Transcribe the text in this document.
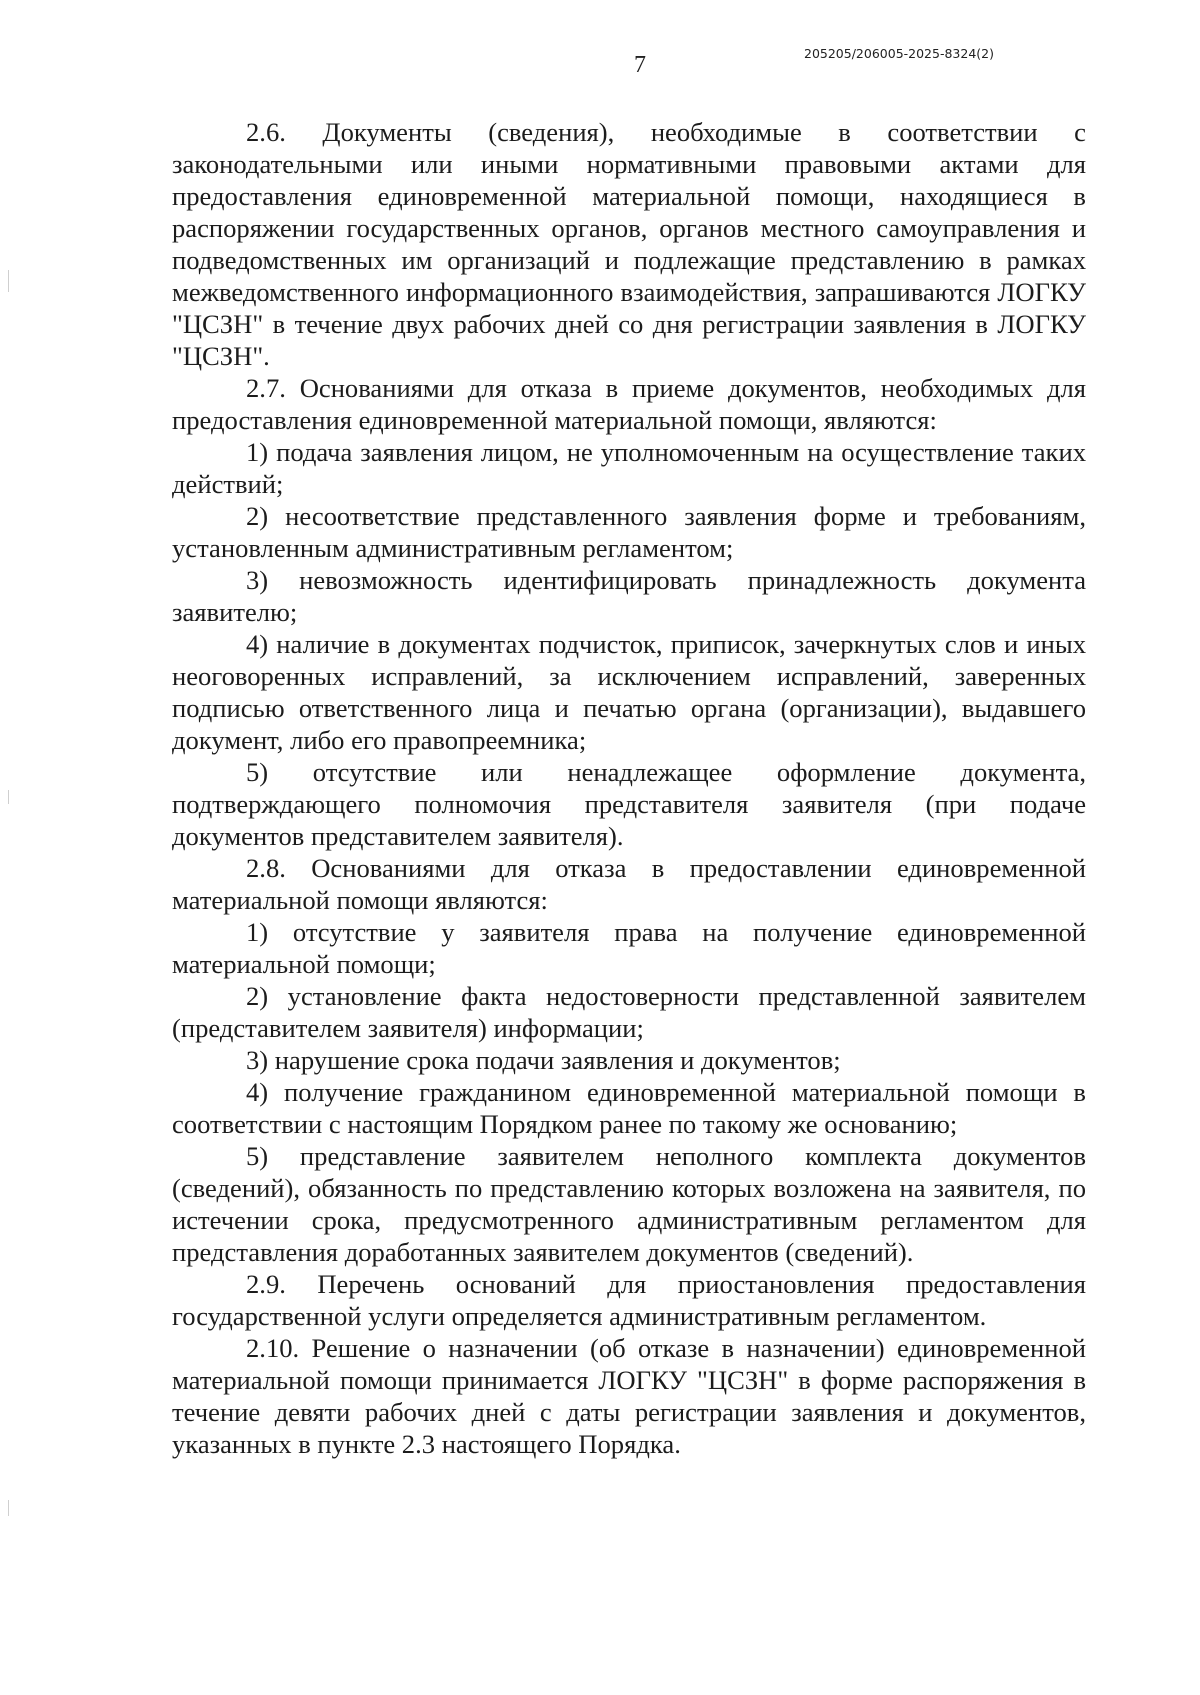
205205/206005-2025-8324(2)
7

2.6. Документы (сведения), необходимые в соответствии с законодательными или иными нормативными правовыми актами для предоставления единовременной материальной помощи, находящиеся в распоряжении государственных органов, органов местного самоуправления и подведомственных им организаций и подлежащие представлению в рамках межведомственного информационного взаимодействия, запрашиваются ЛОГКУ "ЦСЗН" в течение двух рабочих дней со дня регистрации заявления в ЛОГКУ "ЦСЗН".

2.7. Основаниями для отказа в приеме документов, необходимых для предоставления единовременной материальной помощи, являются:

1) подача заявления лицом, не уполномоченным на осуществление таких действий;

2) несоответствие представленного заявления форме и требованиям, установленным административным регламентом;

3) невозможность идентифицировать принадлежность документа заявителю;

4) наличие в документах подчисток, приписок, зачеркнутых слов и иных неоговоренных исправлений, за исключением исправлений, заверенных подписью ответственного лица и печатью органа (организации), выдавшего документ, либо его правопреемника;

5) отсутствие или ненадлежащее оформление документа, подтверждающего полномочия представителя заявителя (при подаче документов представителем заявителя).

2.8. Основаниями для отказа в предоставлении единовременной материальной помощи являются:

1) отсутствие у заявителя права на получение единовременной материальной помощи;

2) установление факта недостоверности представленной заявителем (представителем заявителя) информации;

3) нарушение срока подачи заявления и документов;

4) получение гражданином единовременной материальной помощи в соответствии с настоящим Порядком ранее по такому же основанию;

5) представление заявителем неполного комплекта документов (сведений), обязанность по представлению которых возложена на заявителя, по истечении срока, предусмотренного административным регламентом для представления доработанных заявителем документов (сведений).

2.9. Перечень оснований для приостановления предоставления государственной услуги определяется административным регламентом.

2.10. Решение о назначении (об отказе в назначении) единовременной материальной помощи принимается ЛОГКУ "ЦСЗН" в форме распоряжения в течение девяти рабочих дней с даты регистрации заявления и документов, указанных в пункте 2.3 настоящего Порядка.
